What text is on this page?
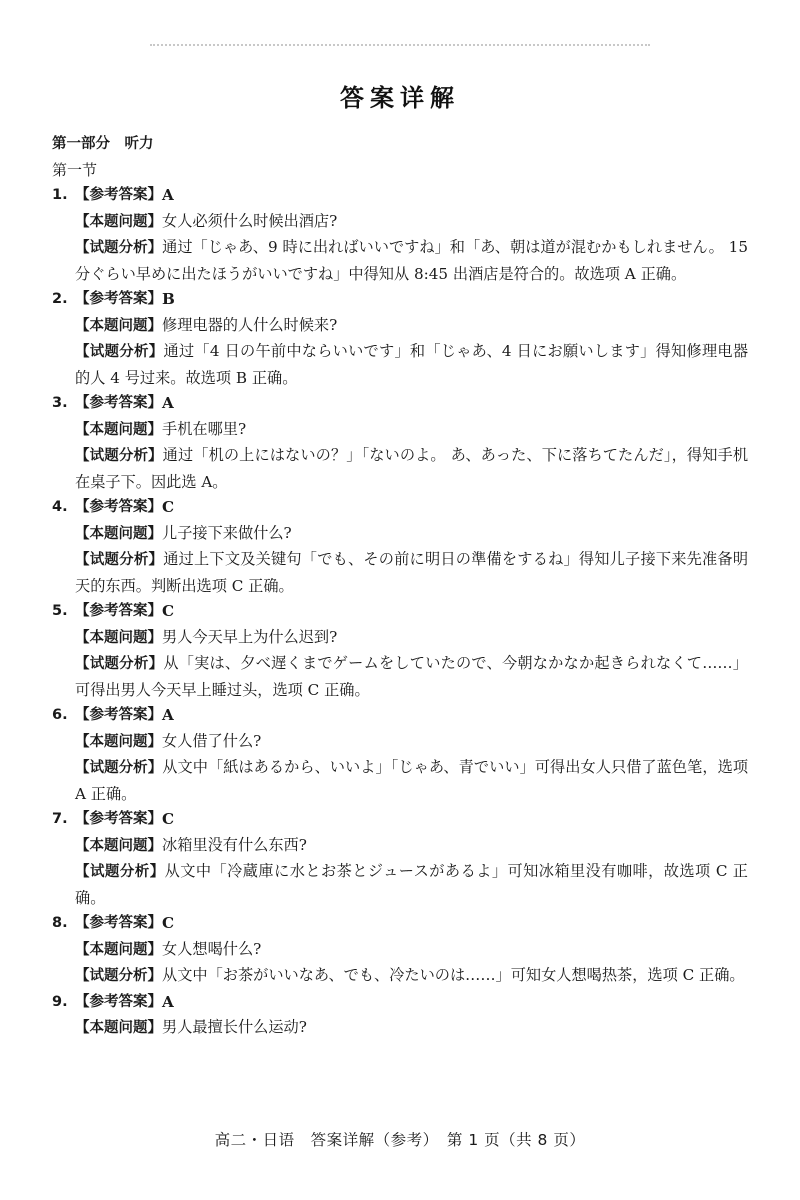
答案详解
第一部分　听力
第一节
1. 【参考答案】 A
【本题问题】女人必须什么时候出酒店?
【试题分析】通过「じゃあ、9 時に出ればいいですね」和「あ、朝は道が混むかもしれません。 15 分ぐらい早めに出たほうがいいですね」中得知从 8:45 出酒店是符合的。故选项 A 正确。
2. 【参考答案】 B
【本题问题】修理电器的人什么时候来?
【试题分析】通过「4 日の午前中ならいいです」和「じゃあ、4 日にお願いします」得知修理电器的人 4 号过来。故选项 B 正确。
3. 【参考答案】 A
【本题问题】手机在哪里?
【试题分析】通过「机の上にはないの？」「ないのよ。 あ、あった、下に落ちてたんだ」，得知手机在桌子下。因此选 A。
4. 【参考答案】 C
【本题问题】儿子接下来做什么?
【试题分析】通过上下文及关键句「でも、その前に明日の準備をするね」得知儿子接下来先准备明天的东西。判断出选项 C 正确。
5. 【参考答案】 C
【本题问题】男人今天早上为什么迟到?
【试题分析】从「実は、夕べ遅くまでゲームをしていたので、今朝なかなか起きられなくて……」可得出男人今天早上睡过头，选项 C 正确。
6. 【参考答案】 A
【本题问题】女人借了什么?
【试题分析】从文中「紙はあるから、いいよ」「じゃあ、青でいい」可得出女人只借了蓝色笔，选项 A 正确。
7. 【参考答案】 C
【本题问题】冰箱里没有什么东西?
【试题分析】从文中「冷蔵庫に水とお茶とジュースがあるよ」可知冰箱里没有咖啡，故选项 C 正确。
8. 【参考答案】 C
【本题问题】女人想喝什么?
【试题分析】从文中「お茶がいいなあ、でも、冷たいのは……」可知女人想喝热茶，选项 C 正确。
9. 【参考答案】 A
【本题问题】男人最擅长什么运动?
高二・日语　答案详解（参考）　第 1 页（共 8 页）
